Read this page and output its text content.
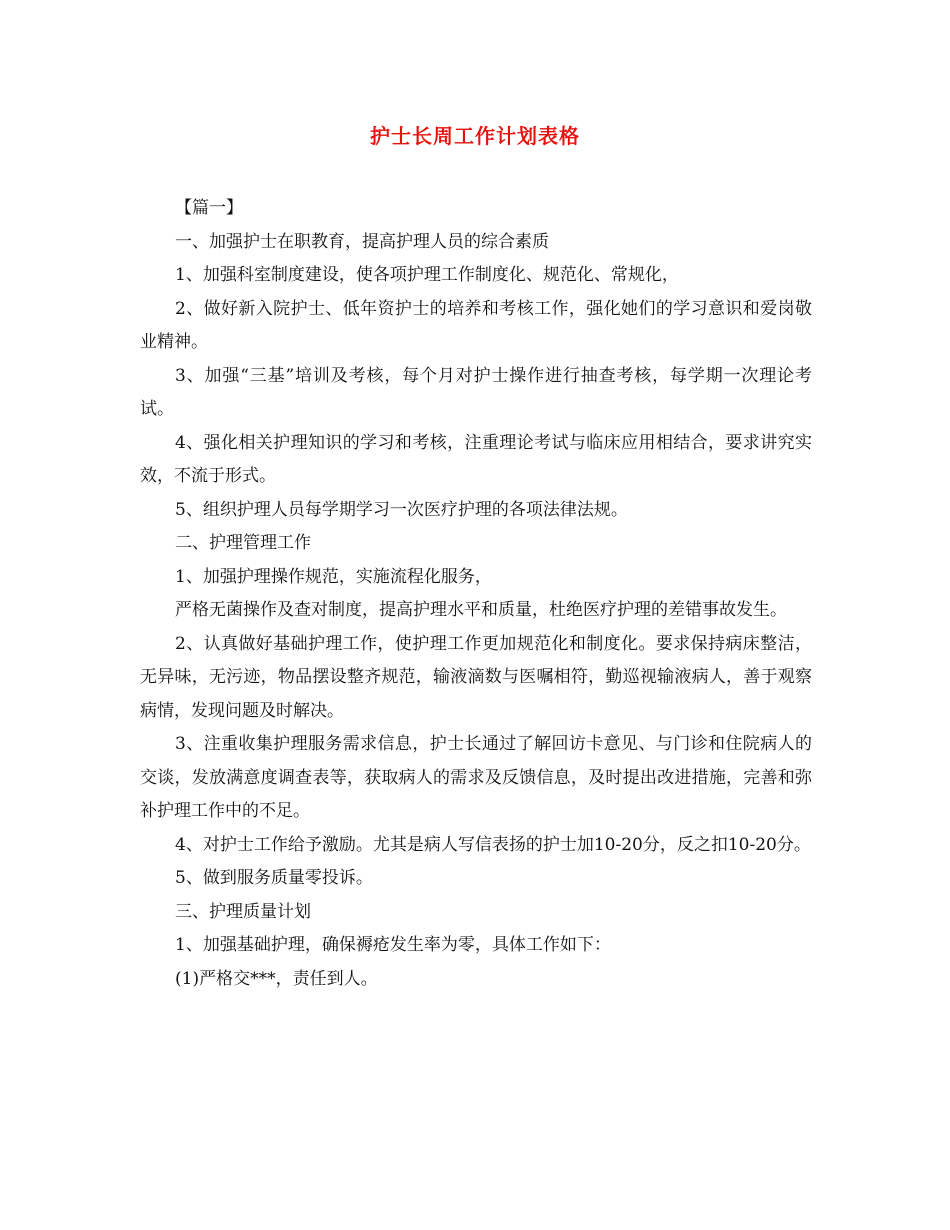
护士长周工作计划表格

【篇一】

一、加强护士在职教育，提高护理人员的综合素质

1、加强科室制度建设，使各项护理工作制度化、规范化、常规化，

2、做好新入院护士、低年资护士的培养和考核工作，强化她们的学习意识和爱岗敬业精神。

3、加强“三基”培训及考核，每个月对护士操作进行抽查考核，每学期一次理论考试。

4、强化相关护理知识的学习和考核，注重理论考试与临床应用相结合，要求讲究实效，不流于形式。

5、组织护理人员每学期学习一次医疗护理的各项法律法规。

二、护理管理工作

1、加强护理操作规范，实施流程化服务，

严格无菌操作及查对制度，提高护理水平和质量，杜绝医疗护理的差错事故发生。

2、认真做好基础护理工作，使护理工作更加规范化和制度化。要求保持病床整洁，无异味，无污迹，物品摆设整齐规范，输液滴数与医嘱相符，勤巡视输液病人，善于观察病情，发现问题及时解决。

3、注重收集护理服务需求信息，护士长通过了解回访卡意见、与门诊和住院病人的交谈，发放满意度调查表等，获取病人的需求及反馈信息，及时提出改进措施，完善和弥补护理工作中的不足。

4、对护士工作给予激励。尤其是病人写信表扬的护士加10-20分，反之扣10-20分。

5、做到服务质量零投诉。

三、护理质量计划

1、加强基础护理，确保褥疮发生率为零，具体工作如下：

(1)严格交***，责任到人。
